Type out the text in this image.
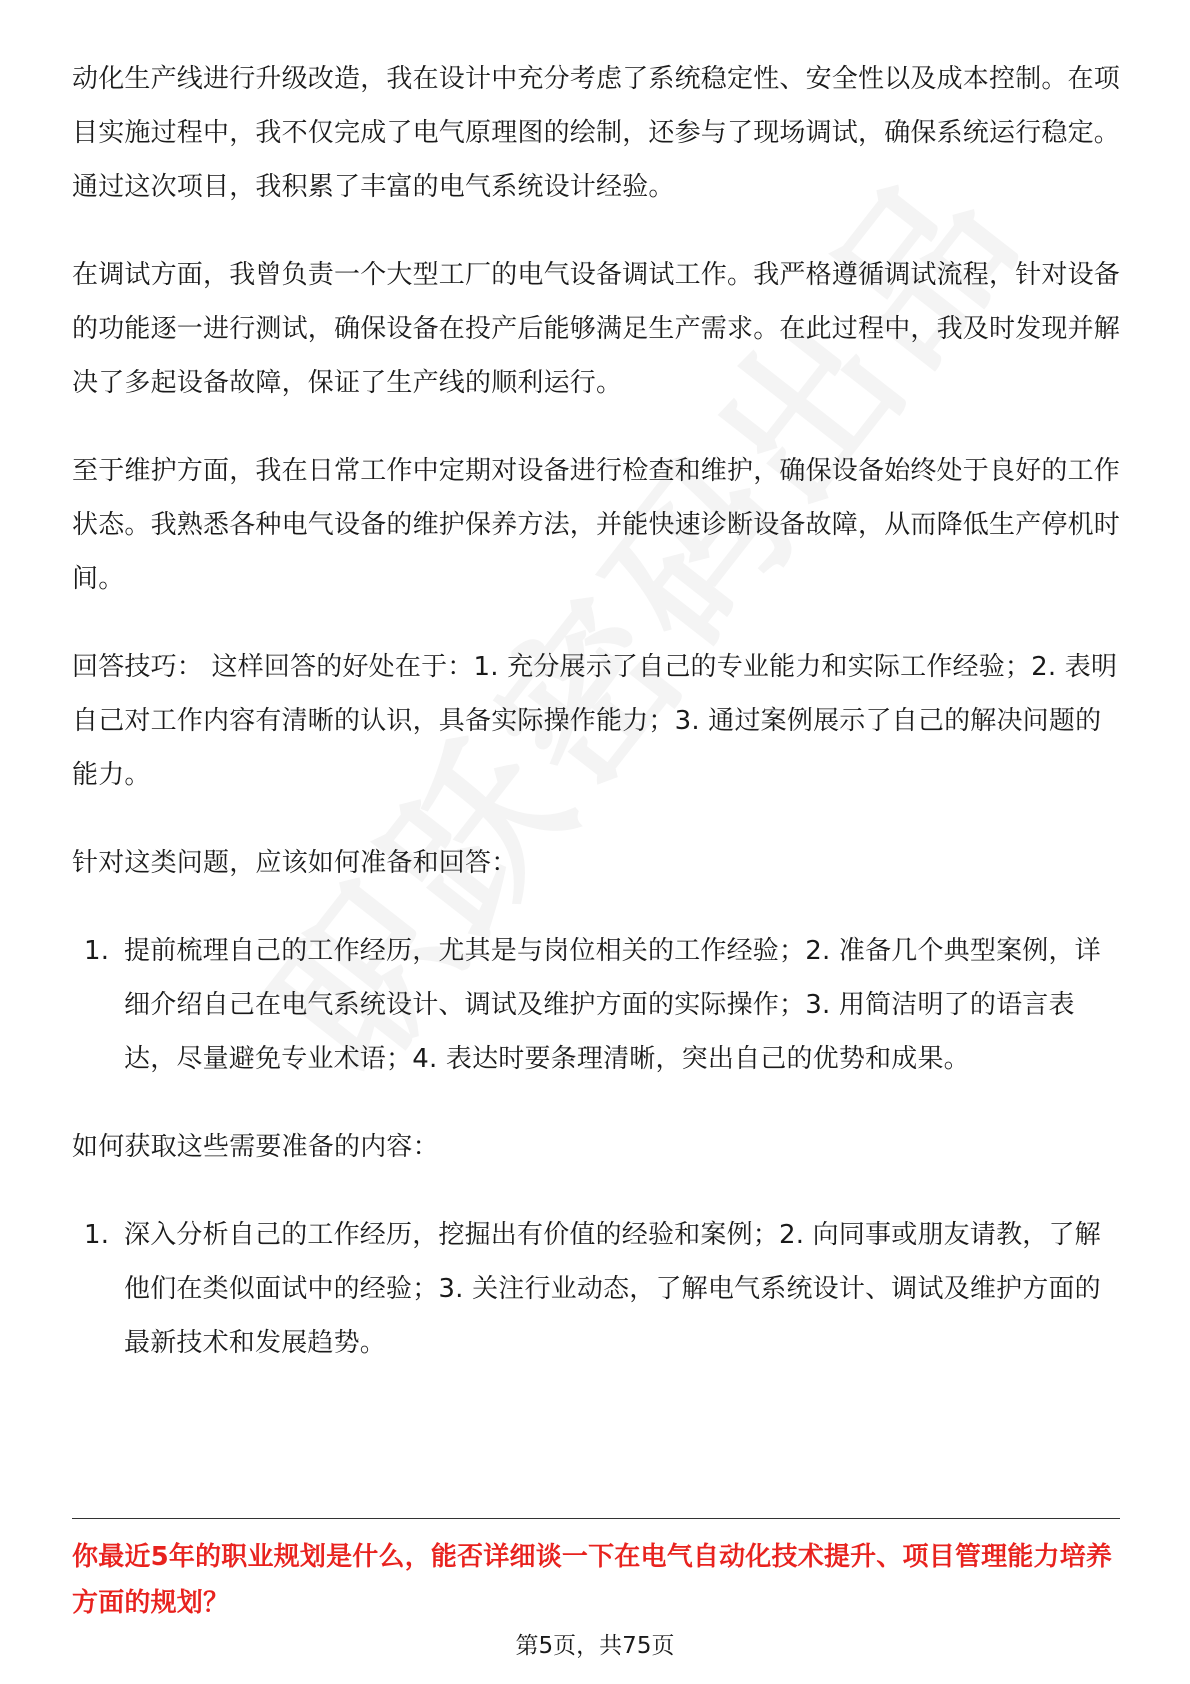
动化生产线进行升级改造，我在设计中充分考虑了系统稳定性、安全性以及成本控制。在项目实施过程中，我不仅完成了电气原理图的绘制，还参与了现场调试，确保系统运行稳定。通过这次项目，我积累了丰富的电气系统设计经验。

在调试方面，我曾负责一个大型工厂的电气设备调试工作。我严格遵循调试流程，针对设备的功能逐一进行测试，确保设备在投产后能够满足生产需求。在此过程中，我及时发现并解决了多起设备故障，保证了生产线的顺利运行。

至于维护方面，我在日常工作中定期对设备进行检查和维护，确保设备始终处于良好的工作状态。我熟悉各种电气设备的维护保养方法，并能快速诊断设备故障，从而降低生产停机时间。

回答技巧： 这样回答的好处在于：1. 充分展示了自己的专业能力和实际工作经验；2. 表明自己对工作内容有清晰的认识，具备实际操作能力；3. 通过案例展示了自己的解决问题的能力。

针对这类问题，应该如何准备和回答：

1. 提前梳理自己的工作经历，尤其是与岗位相关的工作经验；2. 准备几个典型案例，详细介绍自己在电气系统设计、调试及维护方面的实际操作；3. 用简洁明了的语言表达，尽量避免专业术语；4. 表达时要条理清晰，突出自己的优势和成果。

如何获取这些需要准备的内容：

1. 深入分析自己的工作经历，挖掘出有价值的经验和案例；2. 向同事或朋友请教，了解他们在类似面试中的经验；3. 关注行业动态，了解电气系统设计、调试及维护方面的最新技术和发展趋势。
你最近5年的职业规划是什么，能否详细谈一下在电气自动化技术提升、项目管理能力培养方面的规划？
第5页，共75页
